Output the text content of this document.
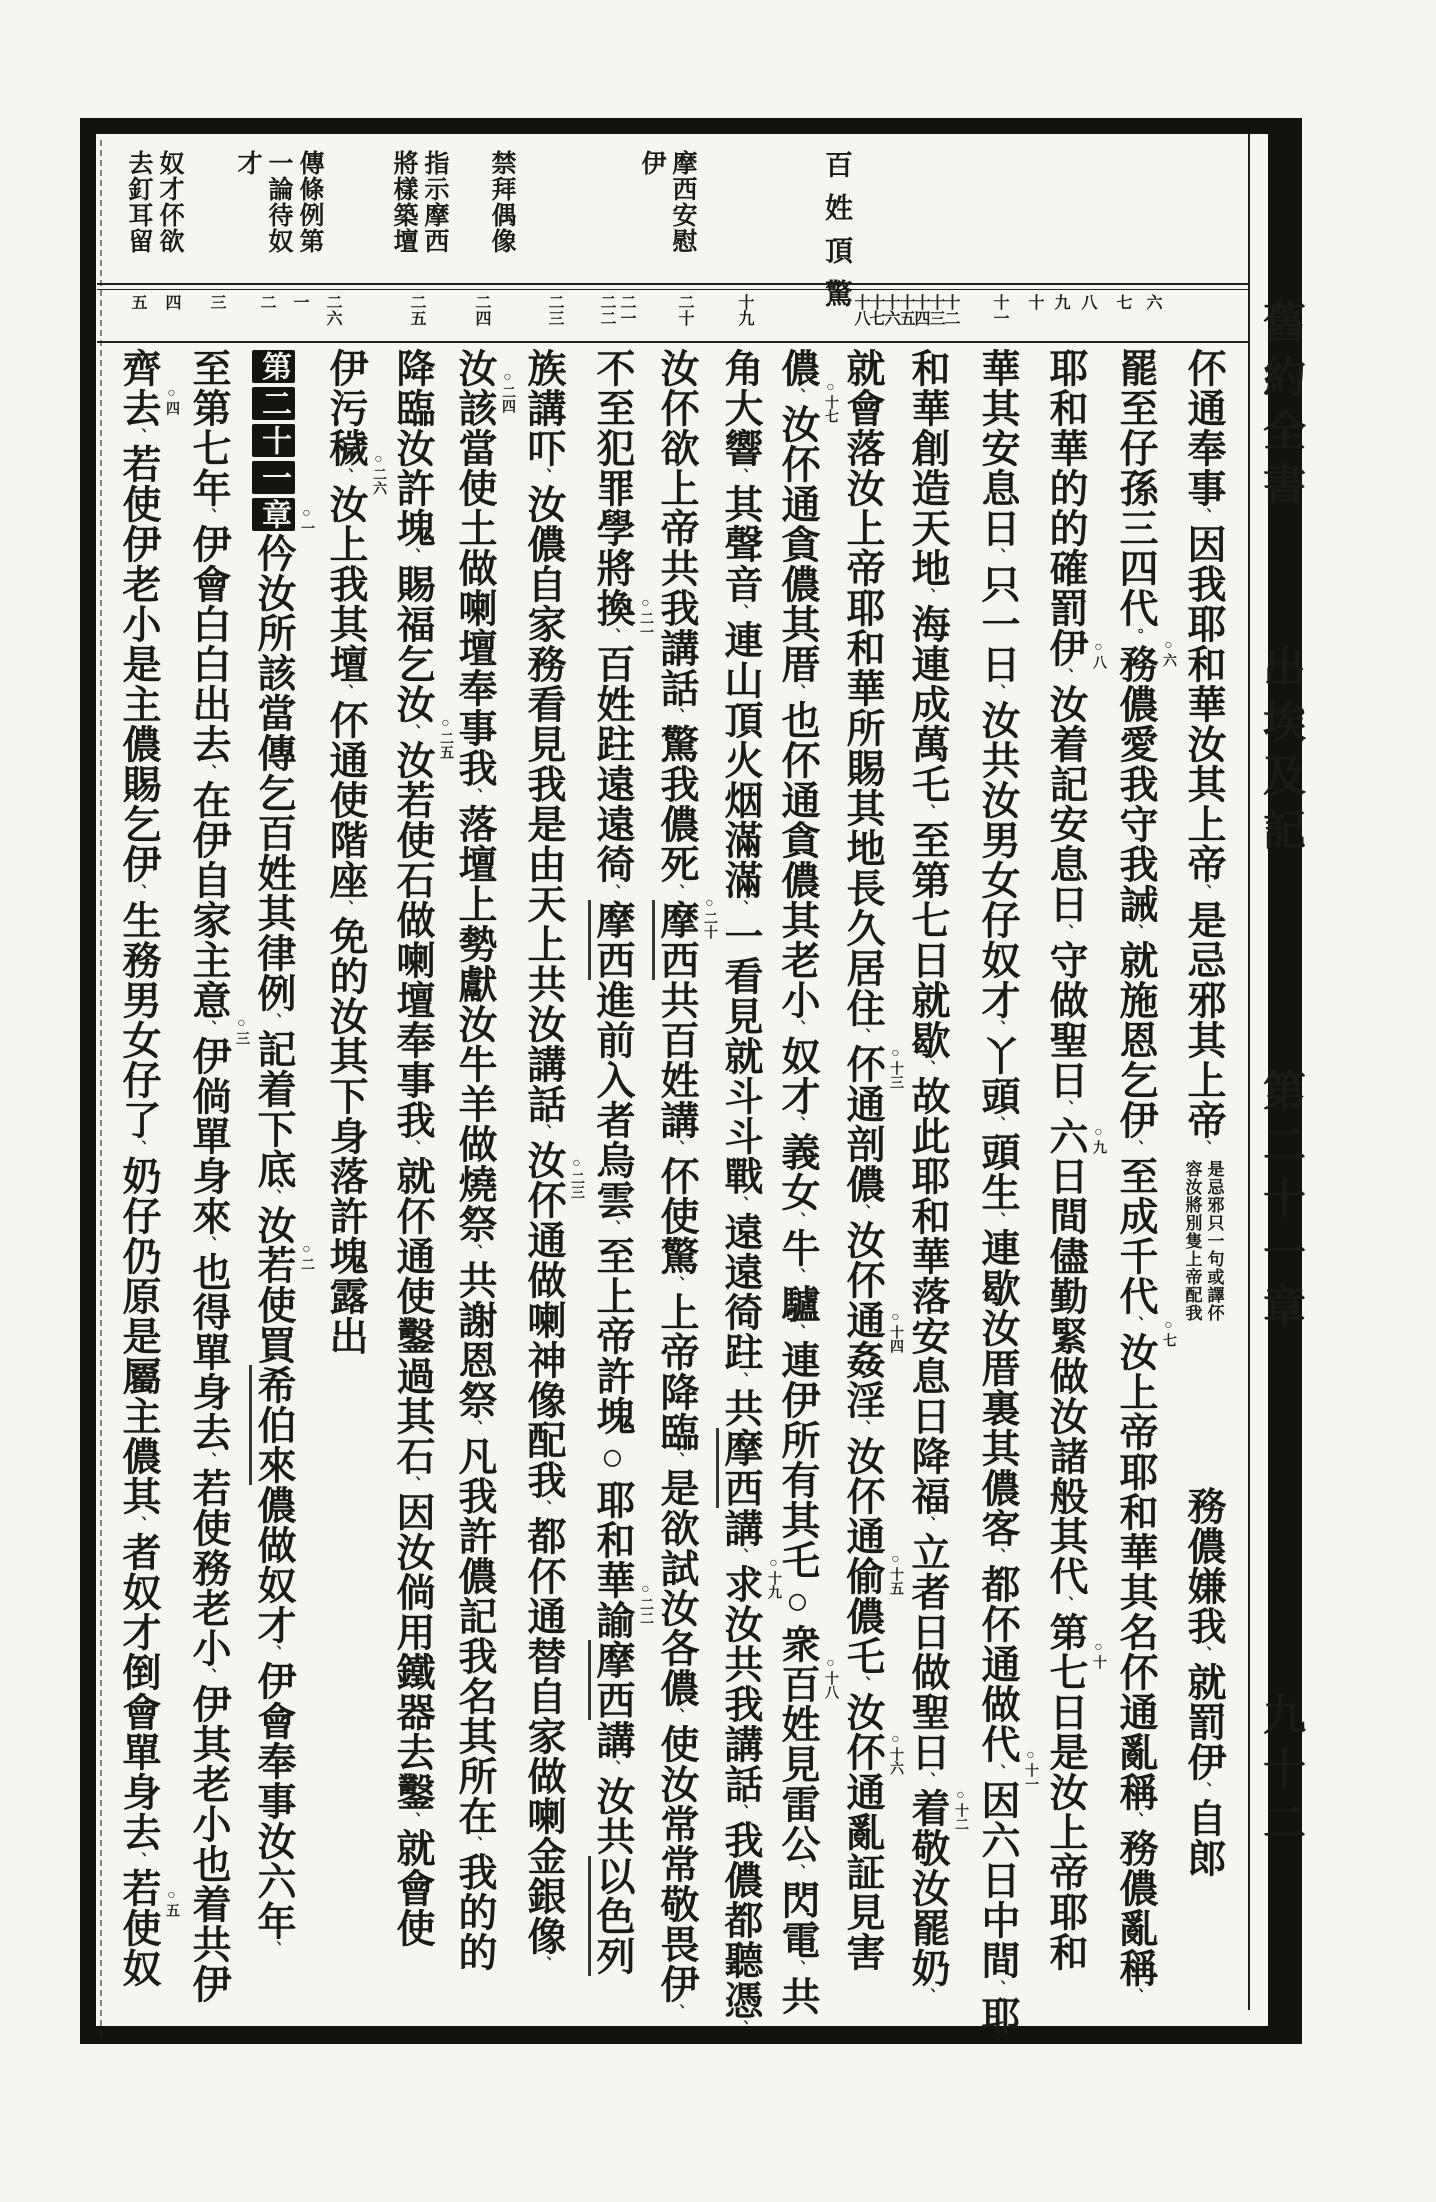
舊約全書
出埃及記
第二十一章
九十二
百姓頂驚
摩西安慰
伊
禁拜偶像
指示摩西
將樣築壇
傳條例第
一論待奴
才
奴才伓欲
去釘耳留
六
七
八
九
十
十一
十二
十三
十四
十五
十六
十七
十八
十九
二十
二一
二二
二三
二四
二五
二六
一
二
三
四
五
伓通奉事、因我耶和華汝其上帝、是忌邪其上帝、
是忌邪只一句或譯伓
容汝將別隻上帝配我
務儂嫌我、就罰伊、自郎
罷至仔孫三四代。務儂愛我守我誡、就施恩乞伊、至成千代、汝上帝耶和華其名伓通亂稱、務儂亂稱、
耶和華的的確罰伊、汝着記安息日、守做聖日、六日間儘勤緊做汝諸般其代、第七日是汝上帝耶和
華其安息日、只一日、汝共汝男女仔奴才、丫頭、頭生、連歇汝厝裏其儂客、都伓通做代、因六日中間、耶
和華創造天地、海連成萬乇、至第七日就歇、故此耶和華落安息日降福、立者日做聖日、着敬汝罷奶、
就會落汝上帝耶和華所賜其地長久居住、伓通剖儂、汝伓通姦淫、汝伓通偷儂乇、汝伓通亂証見害
儂、汝伓通貪儂其厝、也伓通貪儂其老小、奴才、義女、牛、驢、連伊所有其乇○衆百姓見雷公、閃電、共
角大響、其聲音、連山頂火烟滿滿、一看見就斗斗戰、遠遠徛跓、共摩西講、求汝共我講話、我儂都聽憑、
汝伓欲上帝共我講話、驚我儂死、摩西共百姓講、伓使驚、上帝降臨、是欲試汝各儂、使汝常常敬畏伊、
不至犯罪學將換、百姓跓遠遠徛、摩西進前入者烏雲、至上帝許塊○耶和華諭摩西講、汝共以色列
族講吓、汝儂自家務看見我是由天上共汝講話、汝伓通做喇神像配我、都伓通替自家做喇金銀像、
汝該當使土做喇壇奉事我、落壇上勢獻汝牛羊做燒祭、共謝恩祭、凡我許儂記我名其所在、我的的
降臨汝許塊、賜福乞汝、汝若使石做喇壇奉事我、就伓通使鑿過其石、因汝倘用鐵器去鑿、就會使
伊污穢、汝上我其壇、伓通使階座、免的汝其下身落許塊露出
第二十一章仱汝所該當傳乞百姓其律例、記着下底、汝若使買希伯來儂做奴才、伊會奉事汝六年、
至第七年、伊會白白出去、在伊自家主意、伊倘單身來、也得單身去、若使務老小、伊其老小也着共伊
齊去、若使伊老小是主儂賜乞伊、生務男女仔了、奶仔仍原是屬主儂其、者奴才倒會單身去、若使奴
○六
○七
○八
○九
○十
○十一
○十二
○十三
○十四
○十五
○十六
○十七
○十八
○十九
○二十
○二一
○二二
○二三
○二四
○二五
○二六
○一
○二
○三
○四
○五
